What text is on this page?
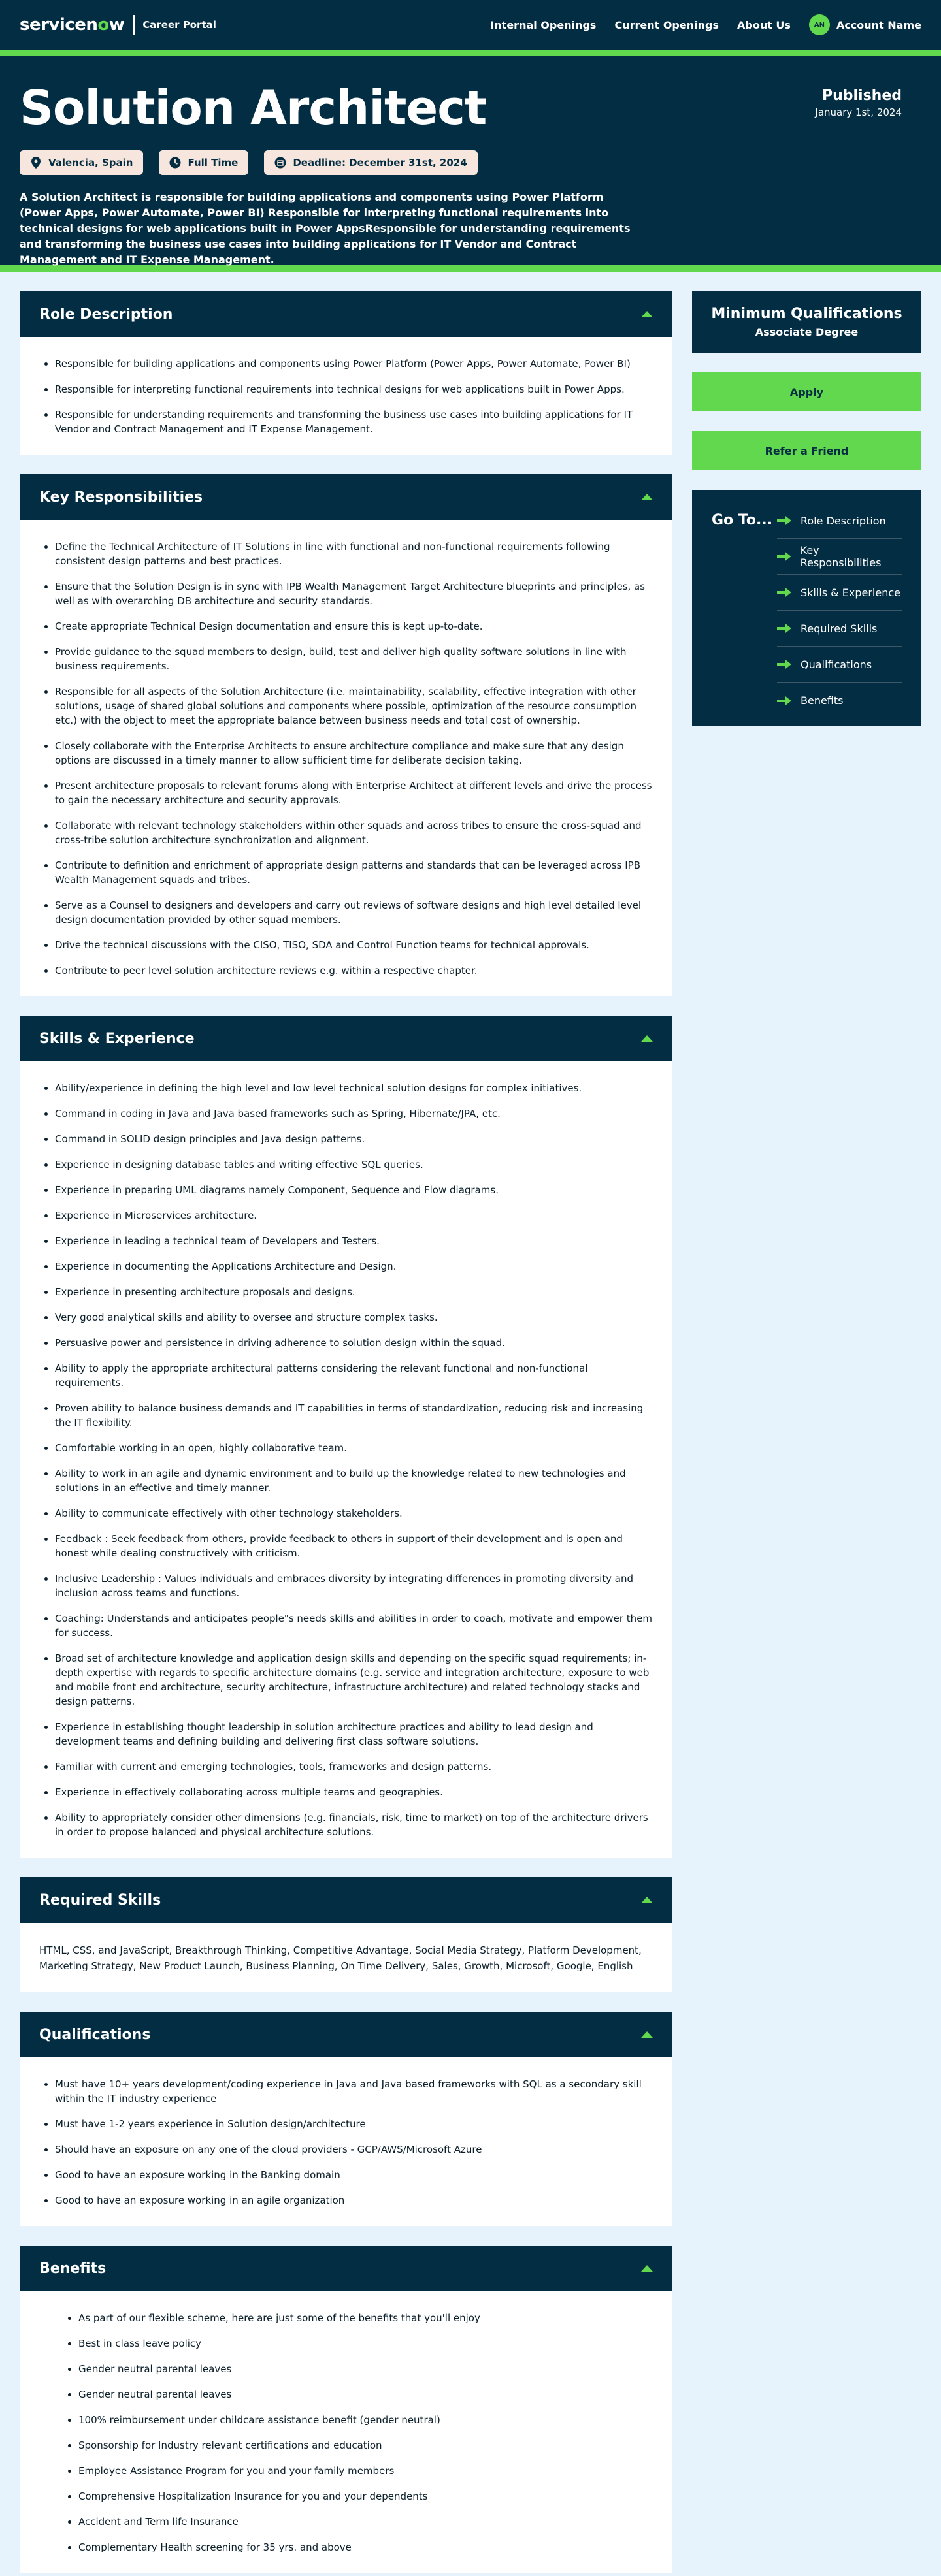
servicenow Career Portal	Internal Openings Current Openings About Us	AN	Account Name
Solution Architect	Published
January 1st, 2024
Valencia, Spain	Full Time	Deadline: December 31st, 2024

A Solution Architect is responsible for building applications and components using Power Platform (Power Apps, Power Automate, Power BI) Responsible for interpreting functional requirements into technical designs for web applications built in Power AppsResponsible for understanding requirements and transforming the business use cases into building applications for IT Vendor and Contract Management and IT Expense Management.

Role Description
• Responsible for building applications and components using Power Platform (Power Apps, Power Automate, Power BI)
• Responsible for interpreting functional requirements into technical designs for web applications built in Power Apps.
• Responsible for understanding requirements and transforming the business use cases into building applications for IT Vendor and Contract Management and IT Expense Management.
Key Responsibilities
• Define the Technical Architecture of IT Solutions in line with functional and non-functional requirements following consistent design patterns and best practices.
• Ensure that the Solution Design is in sync with IPB Wealth Management Target Architecture blueprints and principles, as well as with overarching DB architecture and security standards.
• Create appropriate Technical Design documentation and ensure this is kept up-to-date.
• Provide guidance to the squad members to design, build, test and deliver high quality software solutions in line with business requirements.
• Responsible for all aspects of the Solution Architecture (i.e. maintainability, scalability, effective integration with other solutions, usage of shared global solutions and components where possible, optimization of the resource consumption etc.) with the object to meet the appropriate balance between business needs and total cost of ownership.
• Closely collaborate with the Enterprise Architects to ensure architecture compliance and make sure that any design options are discussed in a timely manner to allow sufficient time for deliberate decision taking.
• Present architecture proposals to relevant forums along with Enterprise Architect at different levels and drive the process to gain the necessary architecture and security approvals.
• Collaborate with relevant technology stakeholders within other squads and across tribes to ensure the cross-squad and cross-tribe solution architecture synchronization and alignment.
• Contribute to definition and enrichment of appropriate design patterns and standards that can be leveraged across IPB Wealth Management squads and tribes.
• Serve as a Counsel to designers and developers and carry out reviews of software designs and high level detailed level design documentation provided by other squad members.
• Drive the technical discussions with the CISO, TISO, SDA and Control Function teams for technical approvals.
• Contribute to peer level solution architecture reviews e.g. within a respective chapter.
Skills & Experience
• Ability/experience in defining the high level and low level technical solution designs for complex initiatives.
• Command in coding in Java and Java based frameworks such as Spring, Hibernate/JPA, etc.
• Command in SOLID design principles and Java design patterns.
• Experience in designing database tables and writing effective SQL queries.
• Experience in preparing UML diagrams namely Component, Sequence and Flow diagrams.
• Experience in Microservices architecture.
• Experience in leading a technical team of Developers and Testers.
• Experience in documenting the Applications Architecture and Design.
• Experience in presenting architecture proposals and designs.
• Very good analytical skills and ability to oversee and structure complex tasks.
• Persuasive power and persistence in driving adherence to solution design within the squad.
• Ability to apply the appropriate architectural patterns considering the relevant functional and non-functional requirements.
• Proven ability to balance business demands and IT capabilities in terms of standardization, reducing risk and increasing the IT flexibility.
• Comfortable working in an open, highly collaborative team.
• Ability to work in an agile and dynamic environment and to build up the knowledge related to new technologies and solutions in an effective and timely manner.
• Ability to communicate effectively with other technology stakeholders.
• Feedback : Seek feedback from others, provide feedback to others in support of their development and is open and honest while dealing constructively with criticism.
• Inclusive Leadership : Values individuals and embraces diversity by integrating differences in promoting diversity and inclusion across teams and functions.
• Coaching: Understands and anticipates people"s needs skills and abilities in order to coach, motivate and empower them for success.
• Broad set of architecture knowledge and application design skills and depending on the specific squad requirements; in-depth expertise with regards to specific architecture domains (e.g. service and integration architecture, exposure to web and mobile front end architecture, security architecture, infrastructure architecture) and related technology stacks and design patterns.
• Experience in establishing thought leadership in solution architecture practices and ability to lead design and development teams and defining building and delivering first class software solutions.
• Familiar with current and emerging technologies, tools, frameworks and design patterns.
• Experience in effectively collaborating across multiple teams and geographies.
• Ability to appropriately consider other dimensions (e.g. financials, risk, time to market) on top of the architecture drivers in order to propose balanced and physical architecture solutions.
Required Skills

HTML, CSS, and JavaScript, Breakthrough Thinking, Competitive Advantage, Social Media Strategy, Platform Development, Marketing Strategy, New Product Launch, Business Planning, On Time Delivery, Sales, Growth, Microsoft, Google, English

Qualifications
• Must have 10+ years development/coding experience in Java and Java based frameworks with SQL as a secondary skill within the IT industry experience
• Must have 1-2 years experience in Solution design/architecture
• Should have an exposure on any one of the cloud providers - GCP/AWS/Microsoft Azure
• Good to have an exposure working in the Banking domain
• Good to have an exposure working in an agile organization
Benefits
• As part of our flexible scheme, here are just some of the benefits that you'll enjoy
• Best in class leave policy
• Gender neutral parental leaves
• Gender neutral parental leaves
• 100% reimbursement under childcare assistance benefit (gender neutral)
• Sponsorship for Industry relevant certifications and education
• Employee Assistance Program for you and your family members
• Comprehensive Hospitalization Insurance for you and your dependents
• Accident and Term life Insurance
• Complementary Health screening for 35 yrs. and above
Minimum Qualifications
Associate Degree
Apply
Refer a Friend
Go To...	Role Description
Key Responsibilities
Skills & Experience
Required Skills
Qualifications
Benefits
